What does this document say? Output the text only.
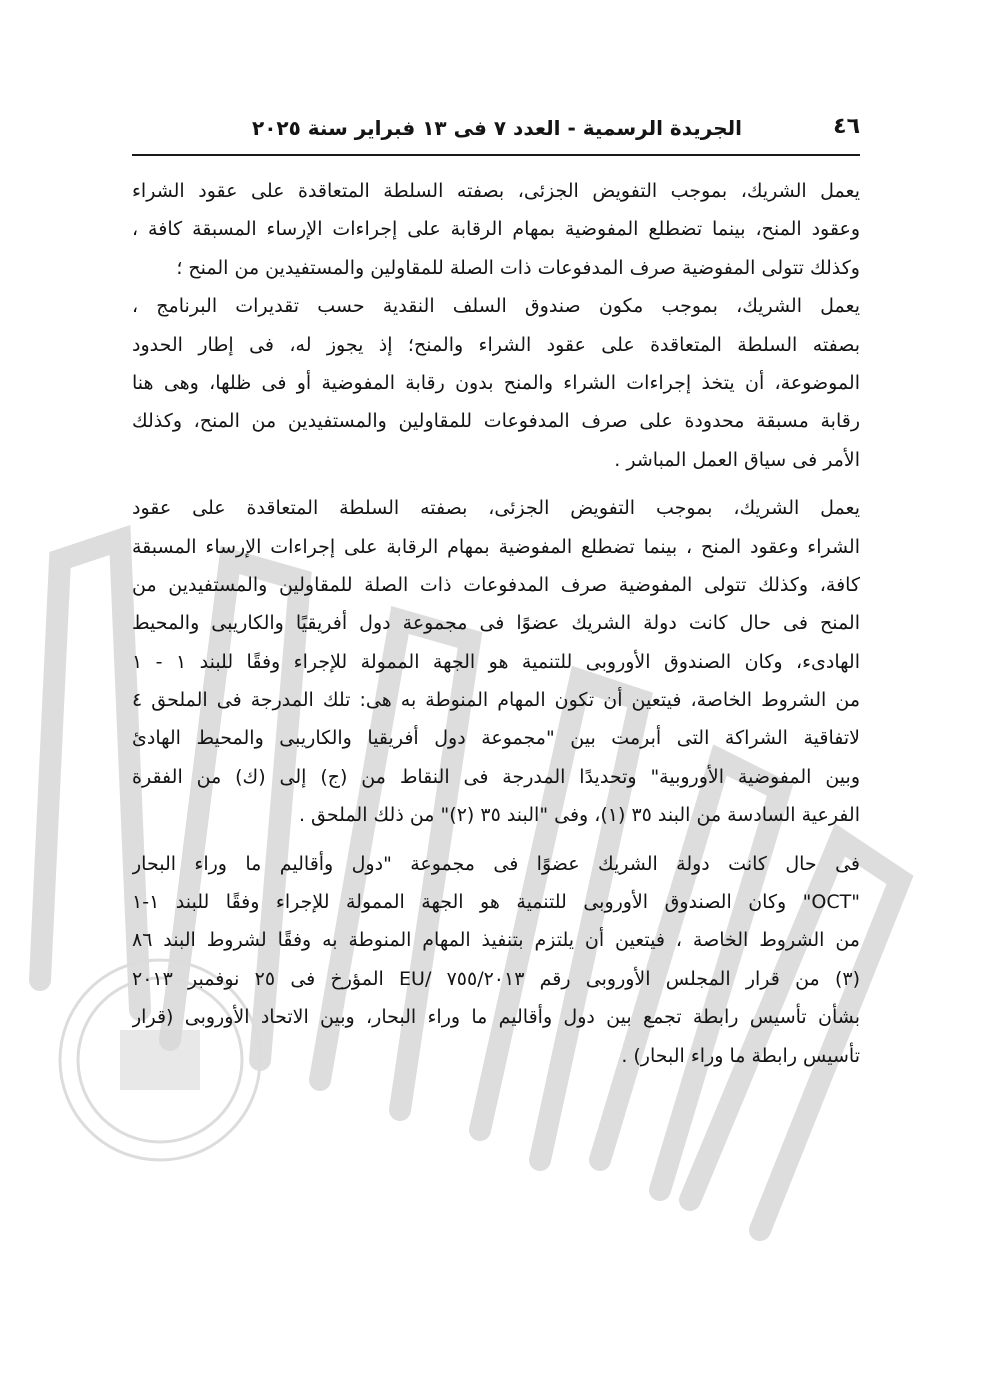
٤٦
الجريدة الرسمية - العدد ٧ فى ١٣ فبراير سنة ٢٠٢٥
يعمل الشريك، بموجب التفويض الجزئى، بصفته السلطة المتعاقدة على عقود الشراء
وعقود المنح، بينما تضطلع المفوضية بمهام الرقابة على إجراءات الإرساء المسبقة كافة ،
وكذلك تتولى المفوضية صرف المدفوعات ذات الصلة للمقاولين والمستفيدين من المنح ؛
يعمل الشريك، بموجب مكون صندوق السلف النقدية حسب تقديرات البرنامج ،
بصفته السلطة المتعاقدة على عقود الشراء والمنح؛ إذ يجوز له، فى إطار الحدود
الموضوعة، أن يتخذ إجراءات الشراء والمنح بدون رقابة المفوضية أو فى ظلها، وهى هنا
رقابة مسبقة محدودة على صرف المدفوعات للمقاولين والمستفيدين من المنح، وكذلك
الأمر فى سياق العمل المباشر .
يعمل الشريك، بموجب التفويض الجزئى، بصفته السلطة المتعاقدة على عقود
الشراء وعقود المنح ، بينما تضطلع المفوضية بمهام الرقابة على إجراءات الإرساء المسبقة
كافة، وكذلك تتولى المفوضية صرف المدفوعات ذات الصلة للمقاولين والمستفيدين من
المنح فى حال كانت دولة الشريك عضوًا فى مجموعة دول أفريقيًا والكاريبى والمحيط
الهادىء، وكان الصندوق الأوروبى للتنمية هو الجهة الممولة للإجراء وفقًا للبند ١ - ١
من الشروط الخاصة، فيتعين أن تكون المهام المنوطة به هى: تلك المدرجة فى الملحق ٤
لاتفاقية الشراكة التى أبرمت بين "مجموعة دول أفريقيا والكاريبى والمحيط الهادئ
وبين المفوضية الأوروبية" وتحديدًا المدرجة فى النقاط من (ج) إلى (ك) من الفقرة
الفرعية السادسة من البند ٣٥ (١)، وفى "البند ٣٥ (٢)" من ذلك الملحق .
فى حال كانت دولة الشريك عضوًا فى مجموعة "دول وأقاليم ما وراء البحار
"OCT" وكان الصندوق الأوروبى للتنمية هو الجهة الممولة للإجراء وفقًا للبند ١-١
من الشروط الخاصة ، فيتعين أن يلتزم بتنفيذ المهام المنوطة به وفقًا لشروط البند ٨٦
(٣) من قرار المجلس الأوروبى رقم ٧٥٥/٢٠١٣ /EU المؤرخ فى ٢٥ نوفمبر ٢٠١٣
بشأن تأسيس رابطة تجمع بين دول وأقاليم ما وراء البحار، وبين الاتحاد الأوروبى (قرار
تأسيس رابطة ما وراء البحار) .
